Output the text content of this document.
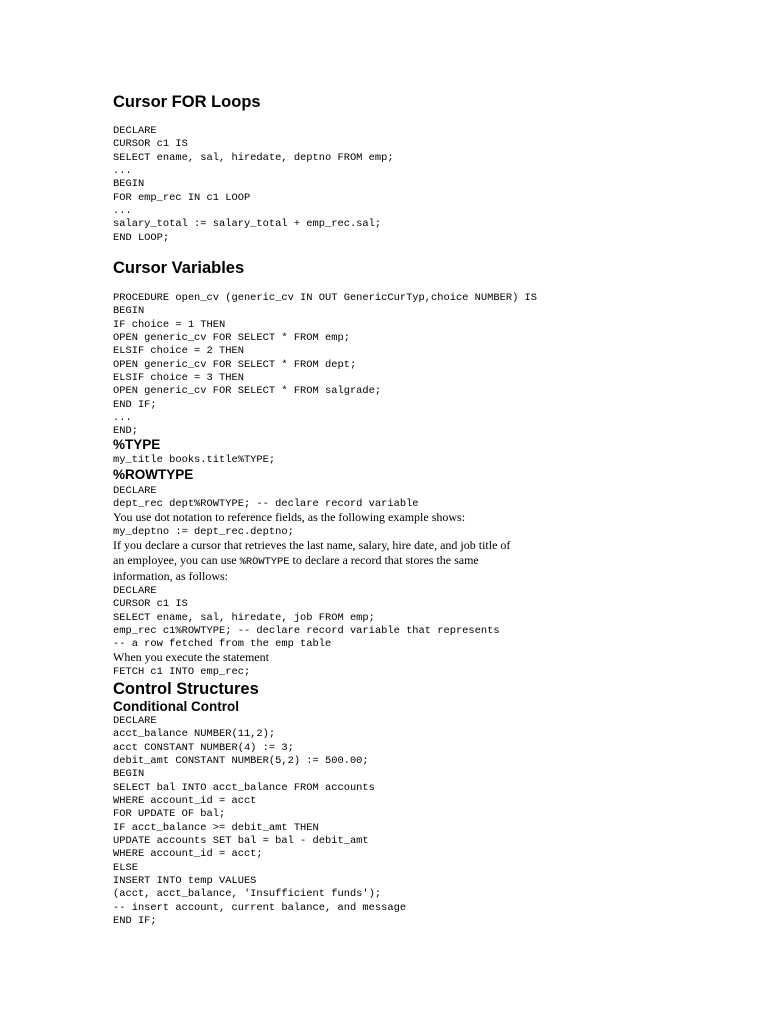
Cursor FOR Loops
DECLARE
CURSOR c1 IS
SELECT ename, sal, hiredate, deptno FROM emp;
...
BEGIN
FOR emp_rec IN c1 LOOP
...
salary_total := salary_total + emp_rec.sal;
END LOOP;
Cursor Variables
PROCEDURE open_cv (generic_cv IN OUT GenericCurTyp,choice NUMBER) IS
BEGIN
IF choice = 1 THEN
OPEN generic_cv FOR SELECT * FROM emp;
ELSIF choice = 2 THEN
OPEN generic_cv FOR SELECT * FROM dept;
ELSIF choice = 3 THEN
OPEN generic_cv FOR SELECT * FROM salgrade;
END IF;
...
END;
%TYPE
my_title books.title%TYPE;
%ROWTYPE
DECLARE
dept_rec dept%ROWTYPE; -- declare record variable

You use dot notation to reference fields, as the following example shows:

my_deptno := dept_rec.deptno;

If you declare a cursor that retrieves the last name, salary, hire date, and job title of

an employee, you can use %ROWTYPE to declare a record that stores the same

information, as follows:

DECLARE
CURSOR c1 IS
SELECT ename, sal, hiredate, job FROM emp;
emp_rec c1%ROWTYPE; -- declare record variable that represents
-- a row fetched from the emp table

When you execute the statement

FETCH c1 INTO emp_rec;
Control Structures
Conditional Control
DECLARE
acct_balance NUMBER(11,2);
acct CONSTANT NUMBER(4) := 3;
debit_amt CONSTANT NUMBER(5,2) := 500.00;
BEGIN
SELECT bal INTO acct_balance FROM accounts
WHERE account_id = acct
FOR UPDATE OF bal;
IF acct_balance >= debit_amt THEN
UPDATE accounts SET bal = bal - debit_amt
WHERE account_id = acct;
ELSE
INSERT INTO temp VALUES
(acct, acct_balance, 'Insufficient funds');
-- insert account, current balance, and message
END IF;
